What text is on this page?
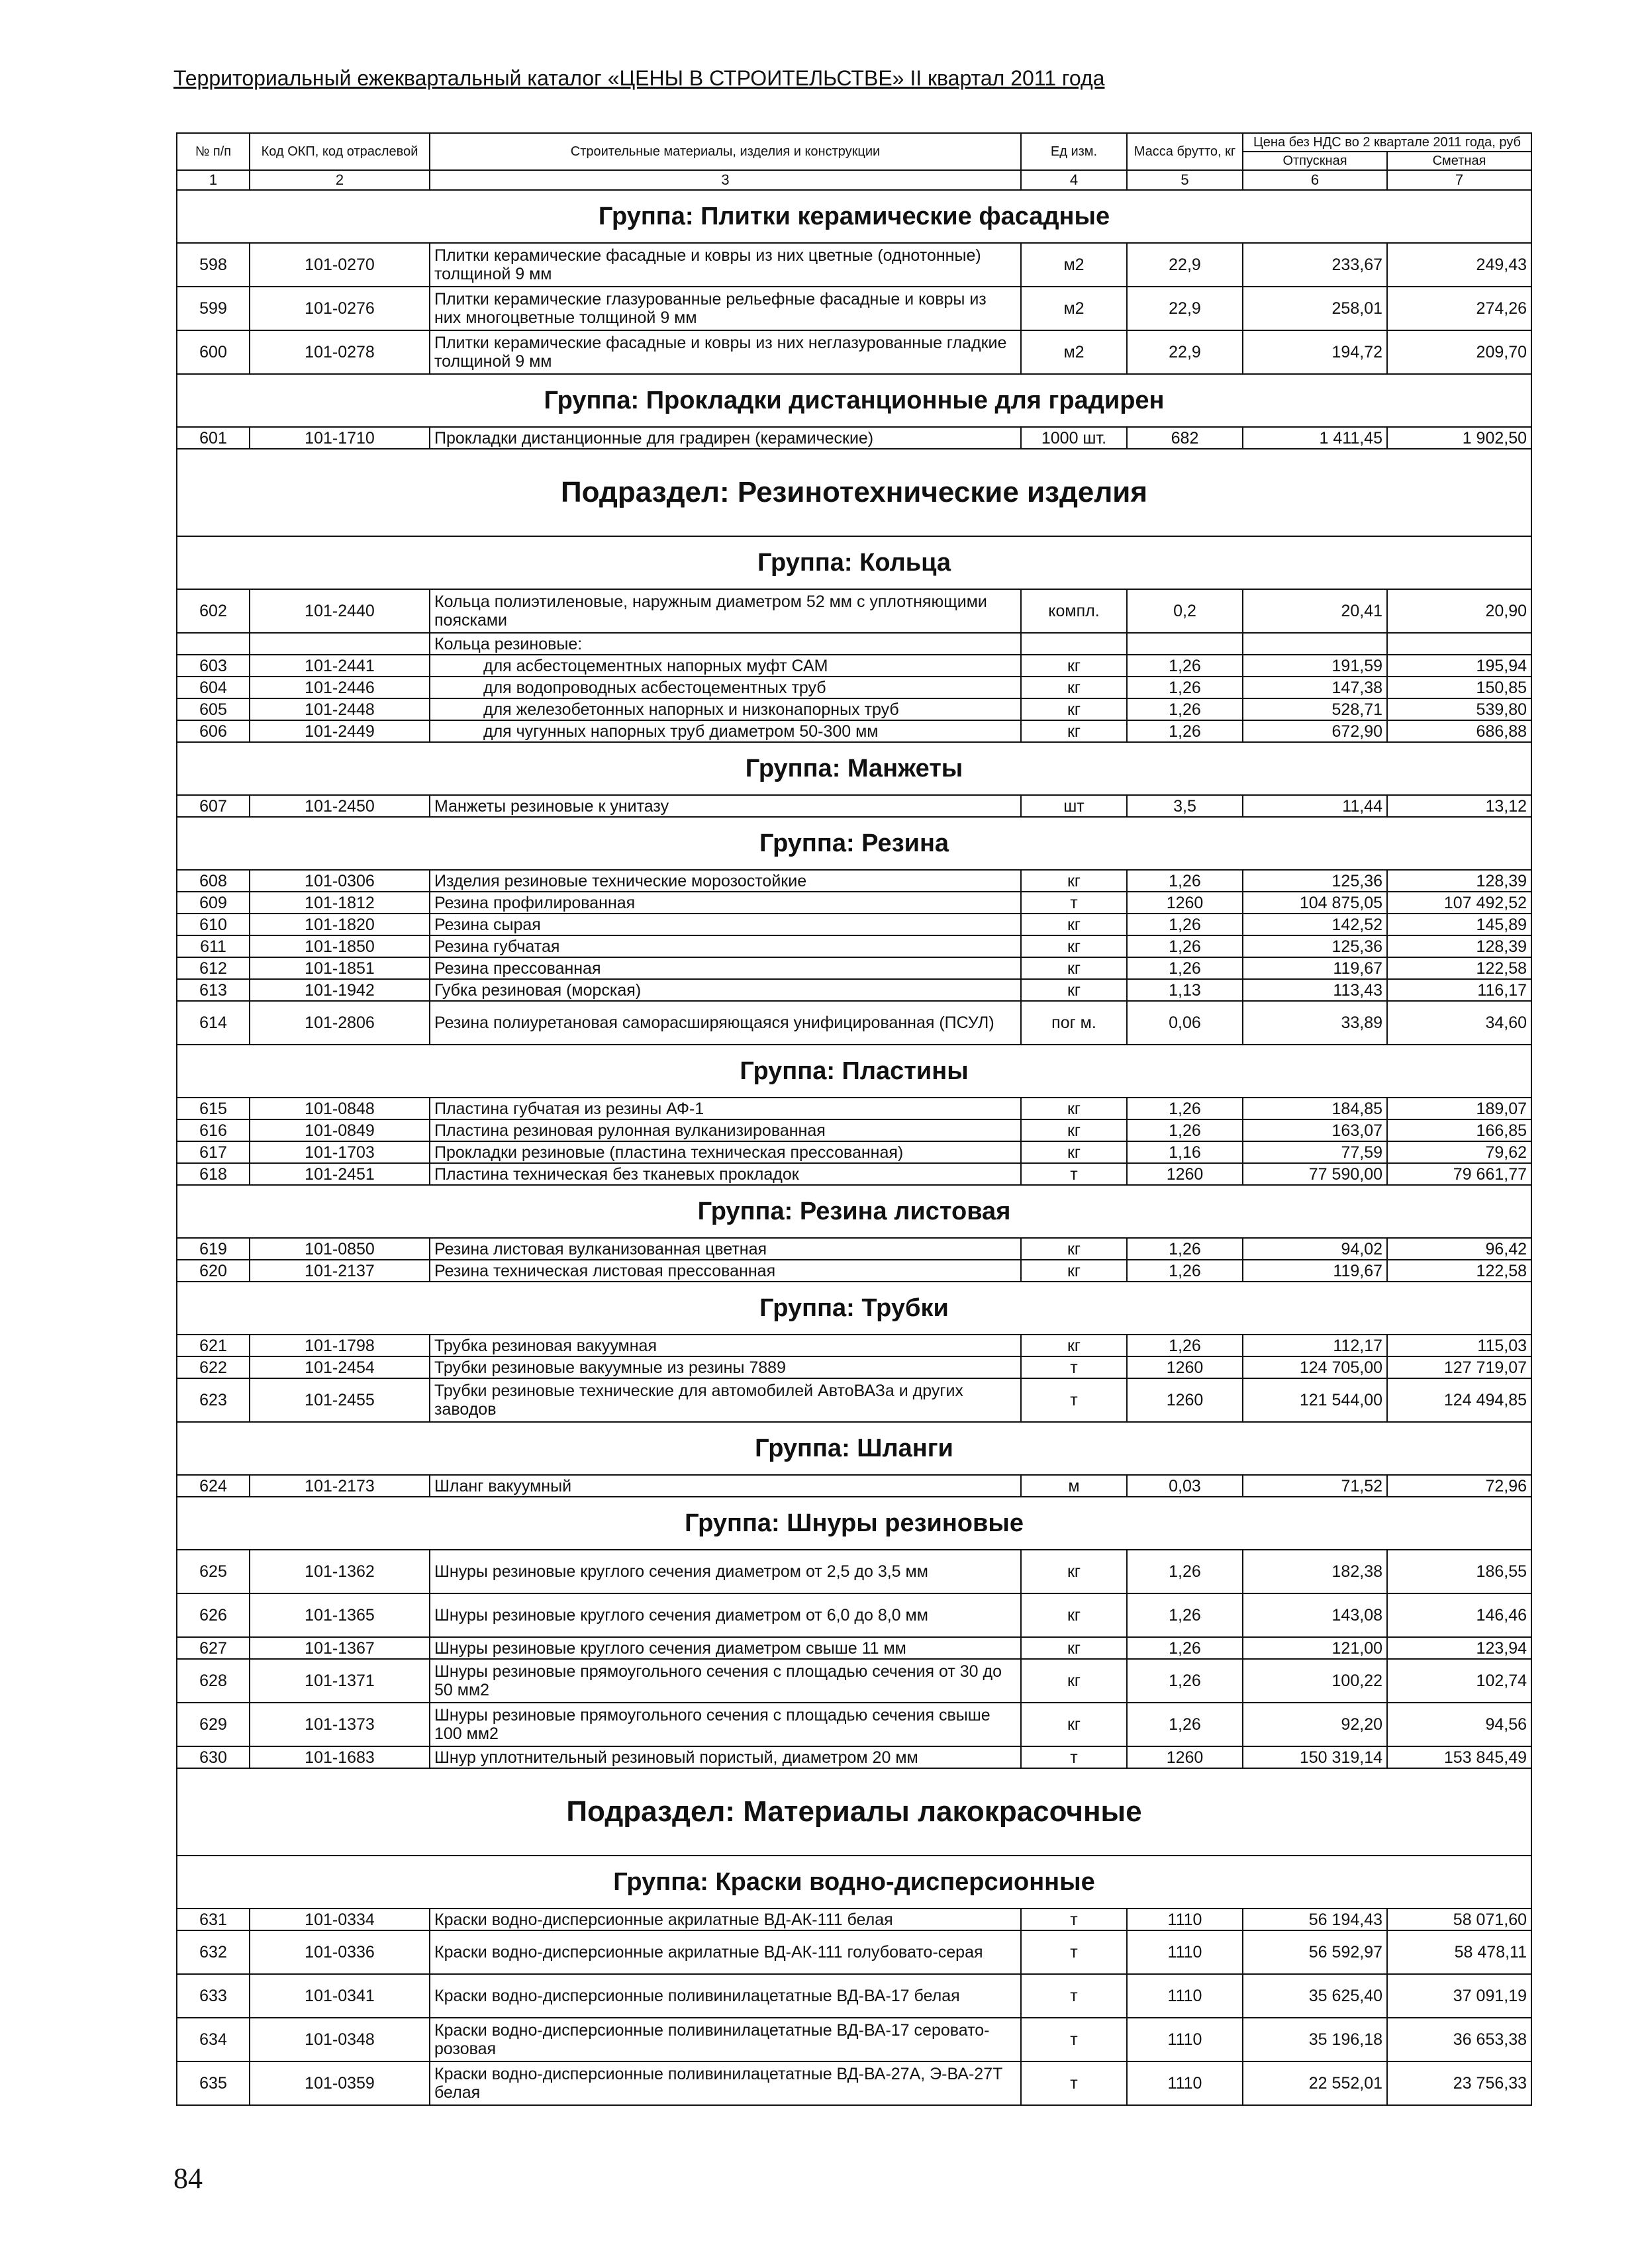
Территориальный ежеквартальный каталог «ЦЕНЫ В СТРОИТЕЛЬСТВЕ» II квартал 2011 года
№ п/п	Код ОКП, код отраслевой	Строительные материалы, изделия и конструкции	Ед изм.	Масса брутто, кг	Цена без НДС во 2 квартале 2011 года, руб	
					Отпускная	Сметная
1	2	3	4	5	6	7
Группа: Плитки керамические фасадные						
598	101-0270	Плитки керамические фасадные и ковры из них цветные (однотонные) толщиной 9 мм	м2	22,9	233,67	249,43
599	101-0276	Плитки керамические глазурованные рельефные фасадные и ковры из них многоцветные толщиной 9 мм	м2	22,9	258,01	274,26
600	101-0278	Плитки керамические фасадные и ковры из них неглазурованные гладкие толщиной 9 мм	м2	22,9	194,72	209,70
Группа: Прокладки дистанционные для градирен						
601	101-1710	Прокладки дистанционные для градирен (керамические)	1000 шт.	682	1 411,45	1 902,50
Подраздел: Резинотехнические изделия						
Группа: Кольца						
602	101-2440	Кольца полиэтиленовые, наружным диаметром 52 мм с уплотняющими поясками	компл.	0,2	20,41	20,90
		Кольца резиновые:				
603	101-2441	для асбестоцементных напорных муфт САМ	кг	1,26	191,59	195,94
604	101-2446	для водопроводных асбестоцементных труб	кг	1,26	147,38	150,85
605	101-2448	для железобетонных напорных и низконапорных труб	кг	1,26	528,71	539,80
606	101-2449	для чугунных напорных труб диаметром 50-300 мм	кг	1,26	672,90	686,88
Группа: Манжеты						
607	101-2450	Манжеты резиновые к унитазу	шт	3,5	11,44	13,12
Группа: Резина						
608	101-0306	Изделия резиновые технические морозостойкие	кг	1,26	125,36	128,39
609	101-1812	Резина профилированная	т	1260	104 875,05	107 492,52
610	101-1820	Резина сырая	кг	1,26	142,52	145,89
611	101-1850	Резина губчатая	кг	1,26	125,36	128,39
612	101-1851	Резина прессованная	кг	1,26	119,67	122,58
613	101-1942	Губка резиновая (морская)	кг	1,13	113,43	116,17
614	101-2806	Резина полиуретановая саморасширяющаяся унифицированная (ПСУЛ)	пог м.	0,06	33,89	34,60
Группа: Пластины						
615	101-0848	Пластина губчатая из резины АФ-1	кг	1,26	184,85	189,07
616	101-0849	Пластина резиновая рулонная вулканизированная	кг	1,26	163,07	166,85
617	101-1703	Прокладки резиновые (пластина техническая прессованная)	кг	1,16	77,59	79,62
618	101-2451	Пластина техническая без тканевых прокладок	т	1260	77 590,00	79 661,77
Группа: Резина листовая						
619	101-0850	Резина листовая вулканизованная цветная	кг	1,26	94,02	96,42
620	101-2137	Резина техническая листовая прессованная	кг	1,26	119,67	122,58
Группа: Трубки						
621	101-1798	Трубка резиновая вакуумная	кг	1,26	112,17	115,03
622	101-2454	Трубки резиновые вакуумные из резины 7889	т	1260	124 705,00	127 719,07
623	101-2455	Трубки резиновые технические для автомобилей АвтоВАЗа и других заводов	т	1260	121 544,00	124 494,85
Группа: Шланги						
624	101-2173	Шланг вакуумный	м	0,03	71,52	72,96
Группа: Шнуры резиновые						
625	101-1362	Шнуры резиновые круглого сечения диаметром от 2,5 до 3,5 мм	кг	1,26	182,38	186,55
626	101-1365	Шнуры резиновые круглого сечения диаметром от 6,0 до 8,0 мм	кг	1,26	143,08	146,46
627	101-1367	Шнуры резиновые круглого сечения диаметром свыше 11 мм	кг	1,26	121,00	123,94
628	101-1371	Шнуры резиновые прямоугольного сечения с площадью сечения от 30 до 50 мм2	кг	1,26	100,22	102,74
629	101-1373	Шнуры резиновые прямоугольного сечения с площадью сечения свыше 100 мм2	кг	1,26	92,20	94,56
630	101-1683	Шнур уплотнительный резиновый пористый, диаметром 20 мм	т	1260	150 319,14	153 845,49
Подраздел: Материалы лакокрасочные						
Группа: Краски водно-дисперсионные						
631	101-0334	Краски водно-дисперсионные акрилатные ВД-АК-111 белая	т	1110	56 194,43	58 071,60
632	101-0336	Краски водно-дисперсионные акрилатные ВД-АК-111 голубовато-серая	т	1110	56 592,97	58 478,11
633	101-0341	Краски водно-дисперсионные поливинилацетатные ВД-ВА-17 белая	т	1110	35 625,40	37 091,19
634	101-0348	Краски водно-дисперсионные поливинилацетатные ВД-ВА-17 серовато-розовая	т	1110	35 196,18	36 653,38
635	101-0359	Краски водно-дисперсионные поливинилацетатные ВД-ВА-27А, Э-ВА-27Т белая	т	1110	22 552,01	23 756,33
84
